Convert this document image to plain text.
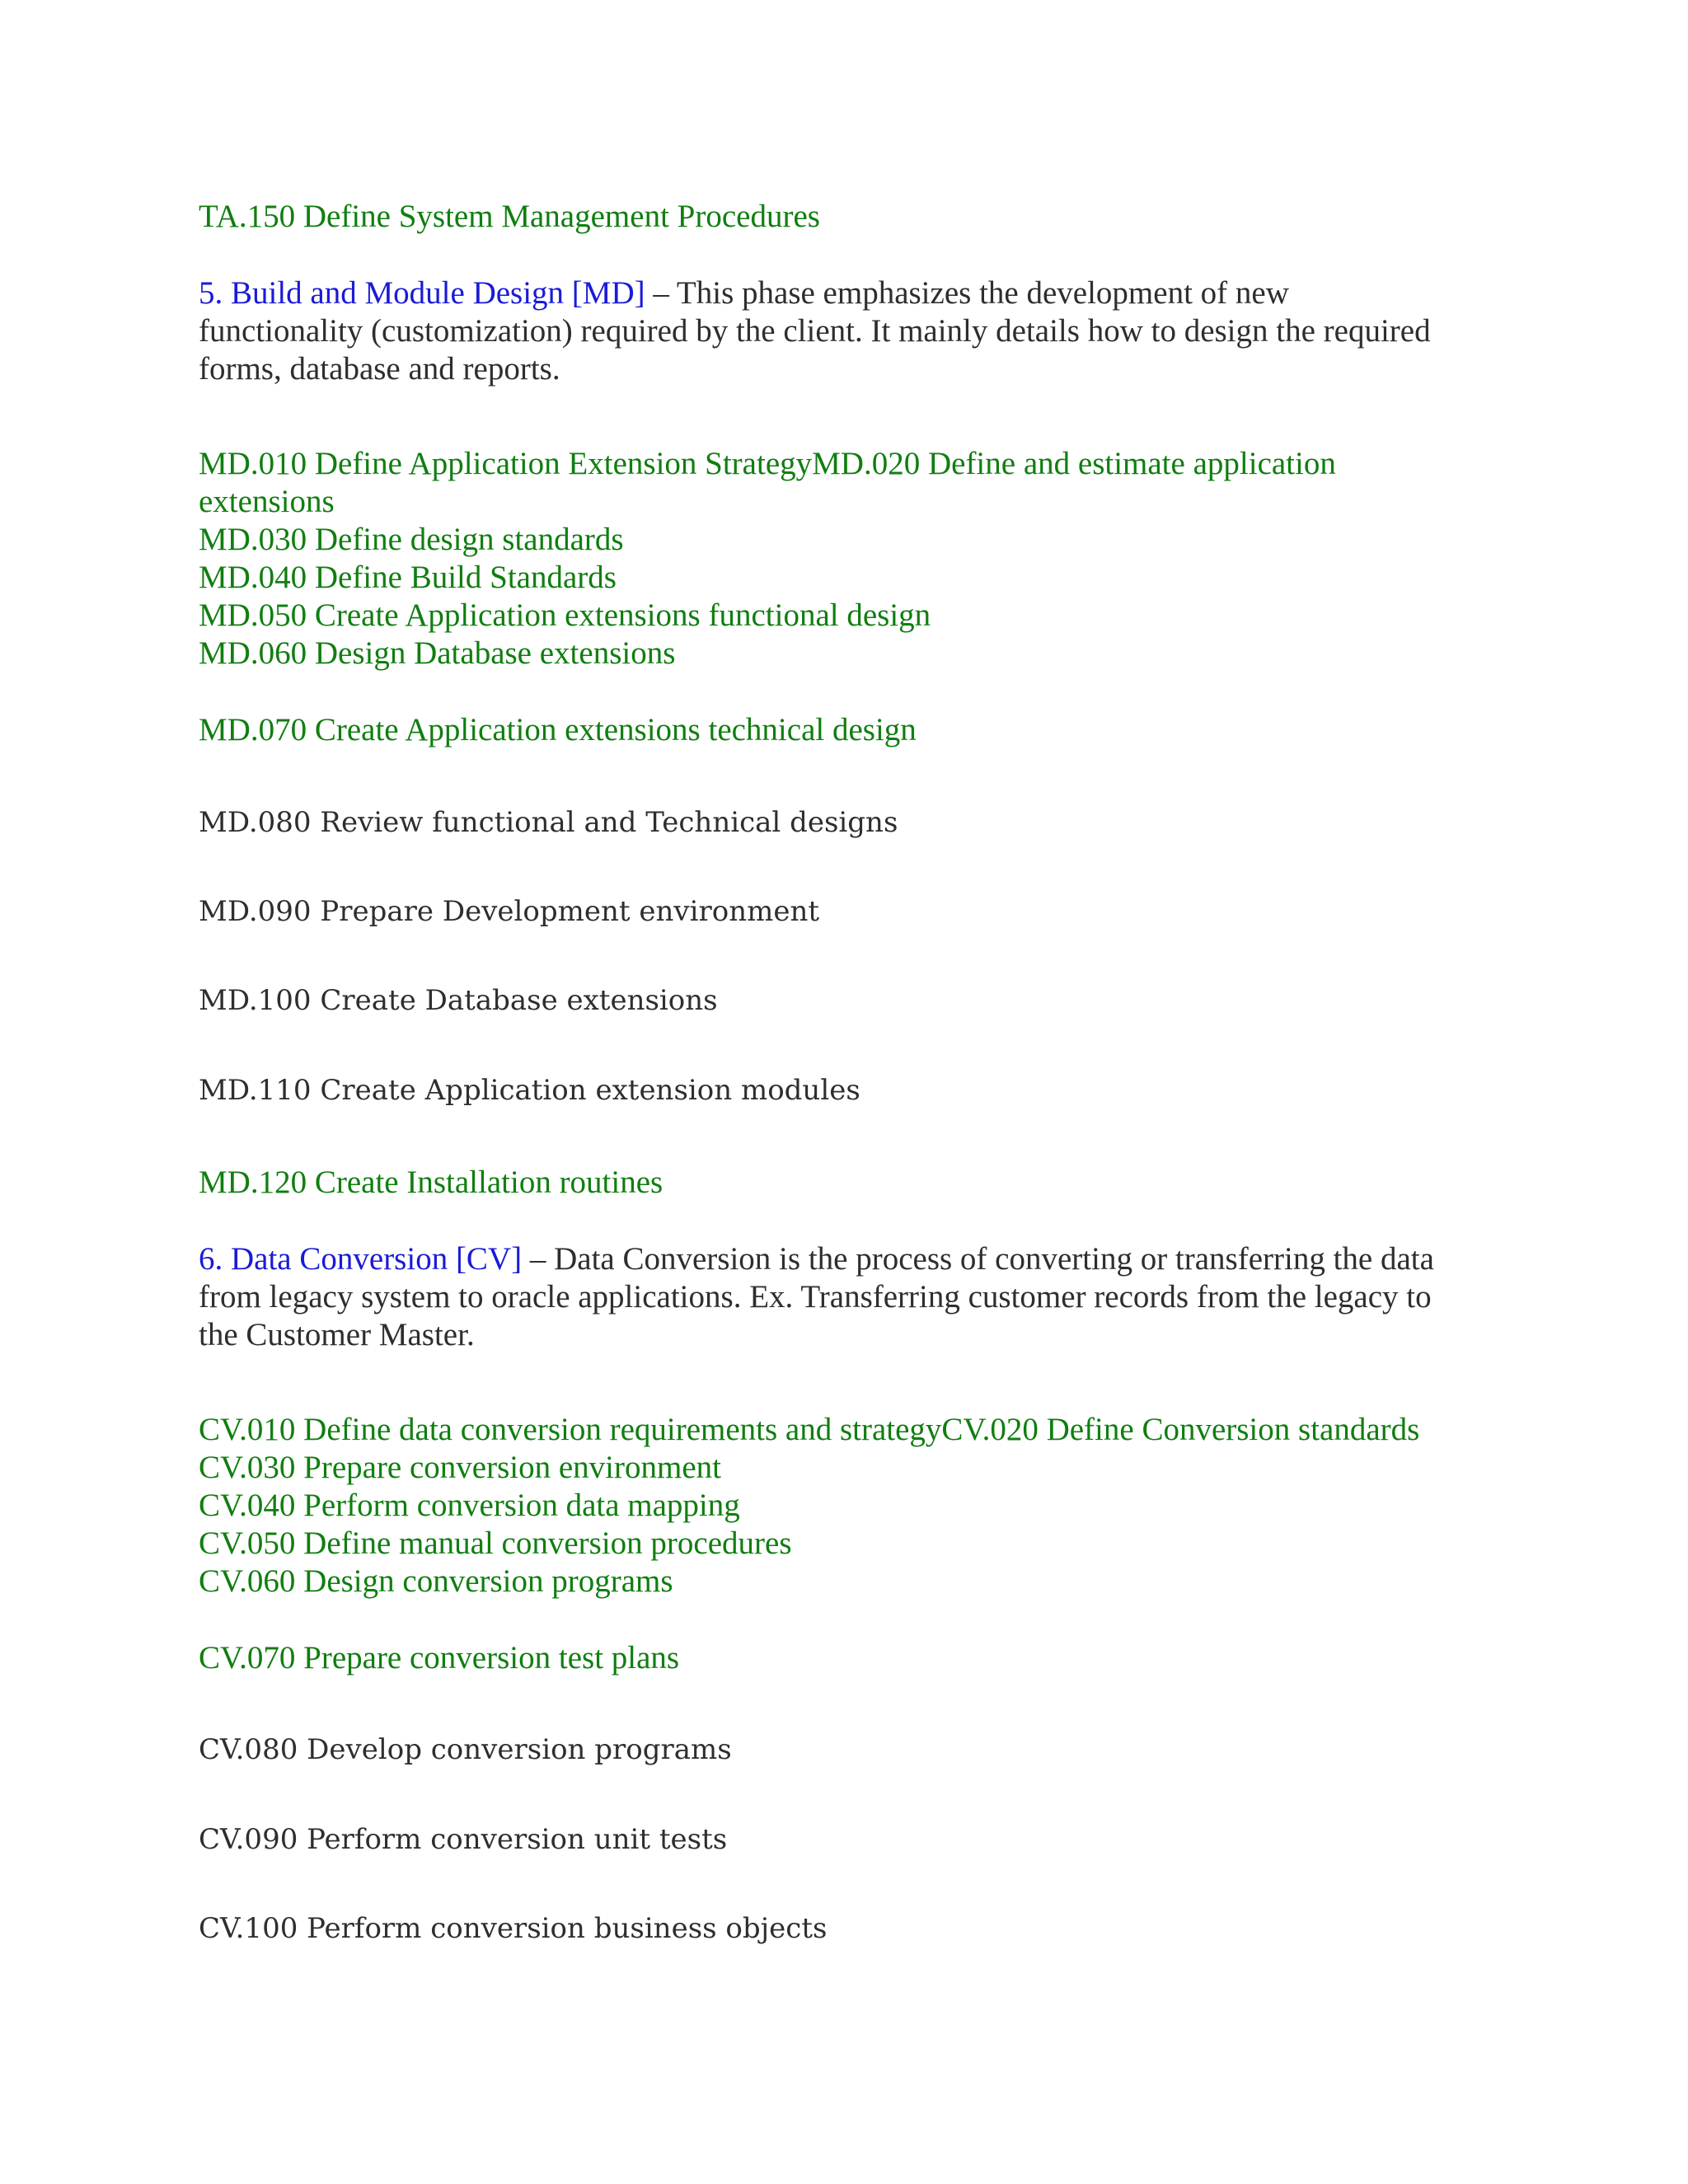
TA.150 Define System Management Procedures

5. Build and Module Design [MD] – This phase emphasizes the development of new
functionality (customization) required by the client. It mainly details how to design the required
forms, database and reports.

MD.010 Define Application Extension StrategyMD.020 Define and estimate application

extensions

MD.030 Define design standards

MD.040 Define Build Standards

MD.050 Create Application extensions functional design

MD.060 Design Database extensions

MD.070 Create Application extensions technical design

MD.080 Review functional and Technical designs

MD.090 Prepare Development environment

MD.100 Create Database extensions

MD.110 Create Application extension modules

MD.120 Create Installation routines

6. Data Conversion [CV] – Data Conversion is the process of converting or transferring the data
from legacy system to oracle applications. Ex. Transferring customer records from the legacy to
the Customer Master.

CV.010 Define data conversion requirements and strategyCV.020 Define Conversion standards

CV.030 Prepare conversion environment

CV.040 Perform conversion data mapping

CV.050 Define manual conversion procedures

CV.060 Design conversion programs

CV.070 Prepare conversion test plans

CV.080 Develop conversion programs

CV.090 Perform conversion unit tests

CV.100 Perform conversion business objects
